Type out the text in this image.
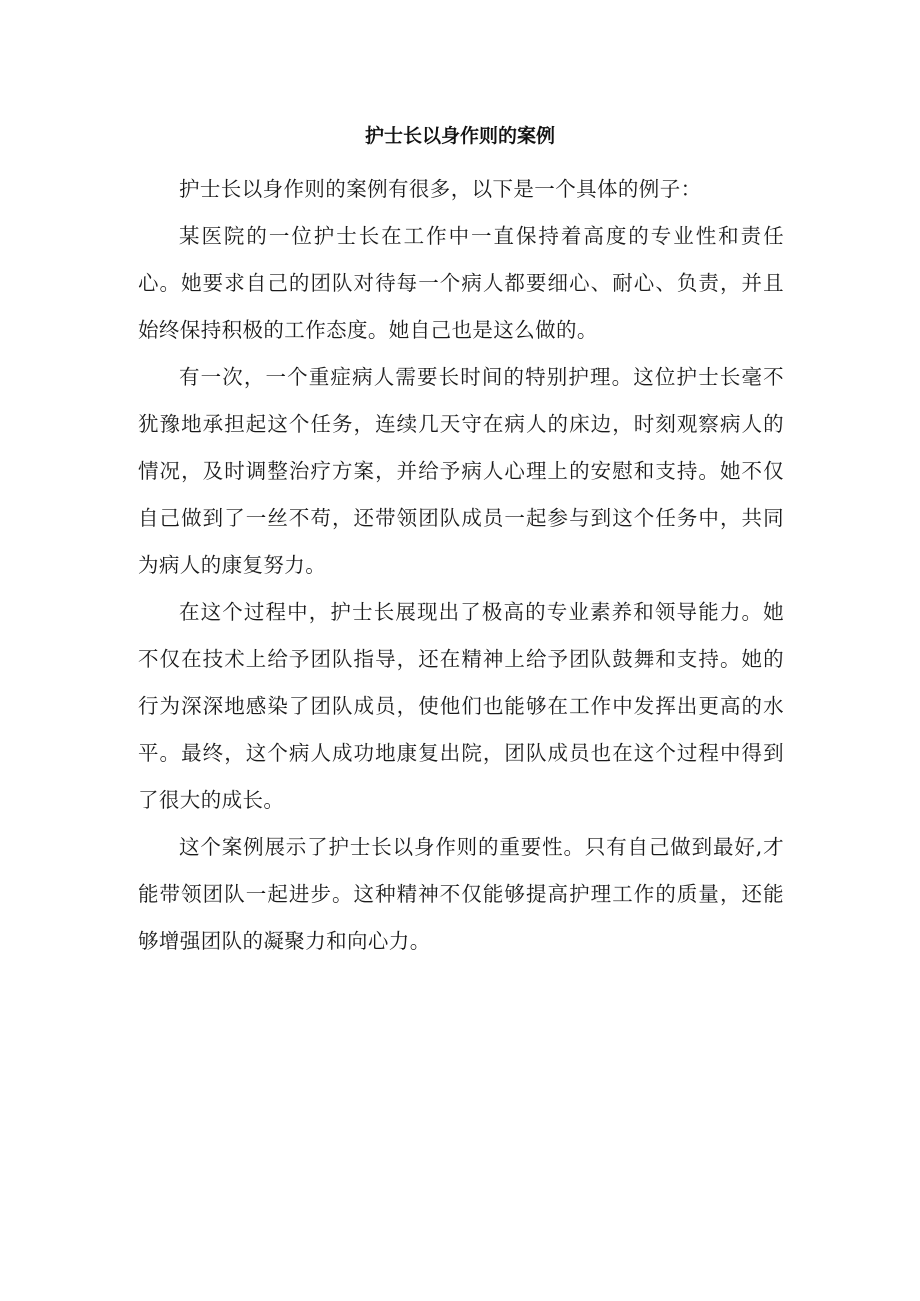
护士长以身作则的案例

护士长以身作则的案例有很多，以下是一个具体的例子：

某医院的一位护士长在工作中一直保持着高度的专业性和责任心。她要求自己的团队对待每一个病人都要细心、耐心、负责，并且始终保持积极的工作态度。她自己也是这么做的。

有一次，一个重症病人需要长时间的特别护理。这位护士长毫不犹豫地承担起这个任务，连续几天守在病人的床边，时刻观察病人的情况，及时调整治疗方案，并给予病人心理上的安慰和支持。她不仅自己做到了一丝不苟，还带领团队成员一起参与到这个任务中，共同为病人的康复努力。

在这个过程中，护士长展现出了极高的专业素养和领导能力。她不仅在技术上给予团队指导，还在精神上给予团队鼓舞和支持。她的行为深深地感染了团队成员，使他们也能够在工作中发挥出更高的水平。最终，这个病人成功地康复出院，团队成员也在这个过程中得到了很大的成长。

这个案例展示了护士长以身作则的重要性。只有自己做到最好,才能带领团队一起进步。这种精神不仅能够提高护理工作的质量，还能够增强团队的凝聚力和向心力。
